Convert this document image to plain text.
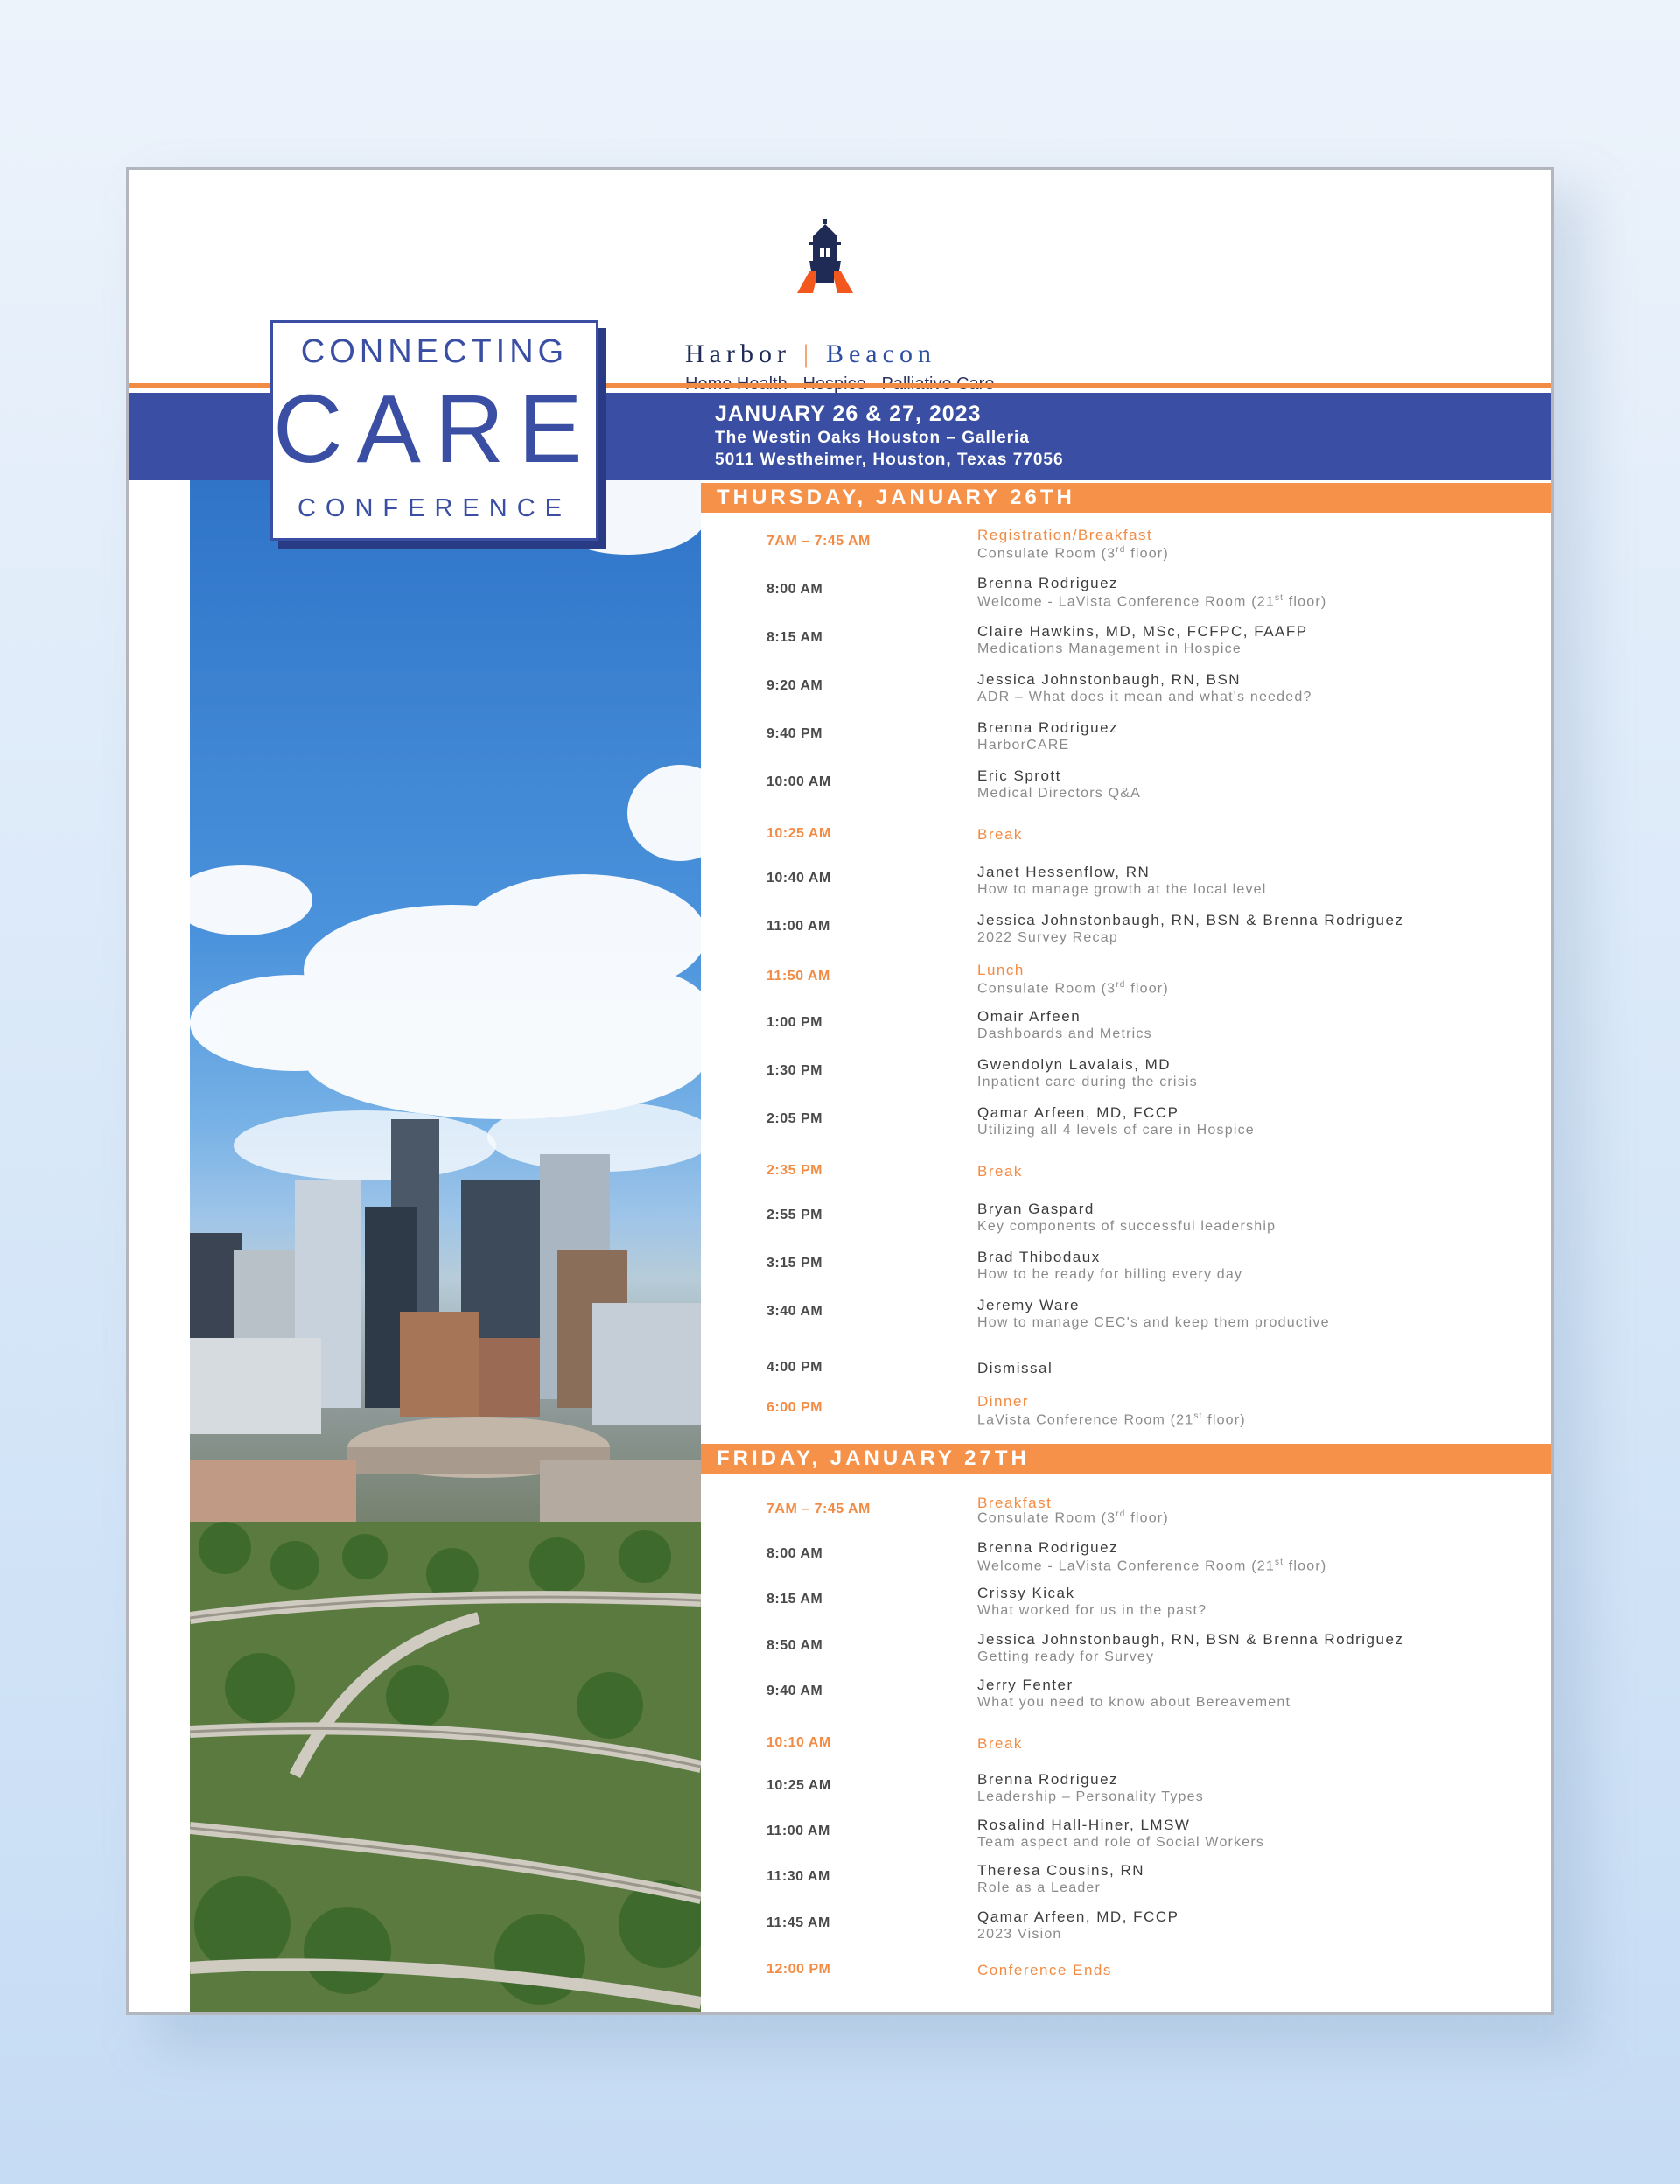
Harbor | Beacon
JANUARY 26 & 27, 2023
The Westin Oaks Houston – Galleria
5011 Westheimer, Houston, Texas 77056
CONNECTING
CARE
CONFERENCE	THURSDAY, JANUARY 26TH
7AM – 7:45 AM	Registration/Breakfast
Consulate Room (3rd floor)
8:00 AM	Brenna Rodriguez
Welcome - LaVista Conference Room (21st floor)
8:15 AM	Claire Hawkins, MD, MSc, FCFPC, FAAFP
Medications Management in Hospice
9:20 AM	Jessica Johnstonbaugh, RN, BSN
ADR – What does it mean and what's needed?
9:40 PM	Brenna Rodriguez
HarborCARE
10:00 AM	Eric Sprott
Medical Directors Q&A
10:25 AM	Break
10:40 AM	Janet Hessenflow, RN
How to manage growth at the local level
11:00 AM	Jessica Johnstonbaugh, RN, BSN & Brenna Rodriguez
2022 Survey Recap
11:50 AM	Lunch
Consulate Room (3rd floor)
1:00 PM	Omair Arfeen
Dashboards and Metrics
1:30 PM	Gwendolyn Lavalais, MD
Inpatient care during the crisis
2:05 PM	Qamar Arfeen, MD, FCCP
Utilizing all 4 levels of care in Hospice
2:35 PM	Break
2:55 PM	Bryan Gaspard
Key components of successful leadership
3:15 PM	Brad Thibodaux
How to be ready for billing every day
3:40 AM	Jeremy Ware
How to manage CEC's and keep them productive
4:00 PM	Dismissal
6:00 PM	Dinner
LaVista Conference Room (21st floor)
FRIDAY, JANUARY 27TH
7AM – 7:45 AM	Breakfast
Consulate Room (3rd floor)
8:00 AM	Brenna Rodriguez
Welcome - LaVista Conference Room (21st floor)
8:15 AM	Crissy Kicak
What worked for us in the past?
8:50 AM	Jessica Johnstonbaugh, RN, BSN & Brenna Rodriguez
Getting ready for Survey
9:40 AM	Jerry Fenter
What you need to know about Bereavement
10:10 AM	Break
10:25 AM	Brenna Rodriguez
Leadership – Personality Types
11:00 AM	Rosalind Hall-Hiner, LMSW
Team aspect and role of Social Workers
11:30 AM	Theresa Cousins, RN
Role as a Leader
11:45 AM	Qamar Arfeen, MD, FCCP
2023 Vision
12:00 PM	Conference Ends
